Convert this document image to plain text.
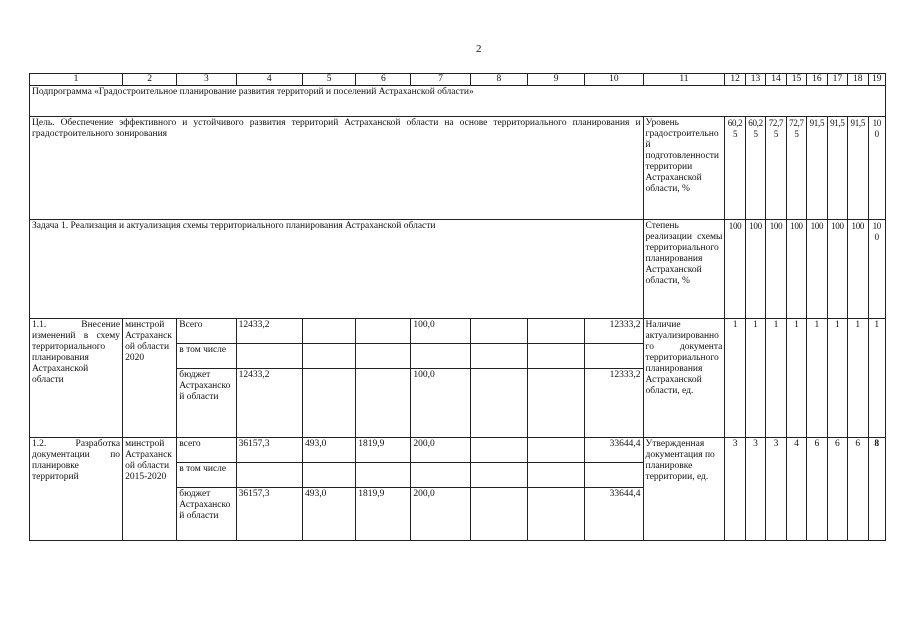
2
1	2	3	4	5	6	7	8	9	10	11	12	13	14	15	16	17	18	19
Подпрограмма «Градостроительное планирование развития территорий и поселений Астраханской области»																		
Цель. Обеспечение эффективного и устойчивого развития территорий Астраханской области на основе территориального планирования и градостроительного зонирования										Уровень градостроительной подготовленности территории Астраханской области, %	60,25	60,25	72,75	72,75	91,5	91,5	91,5	100
Задача 1. Реализация и актуализация схемы территориального планирования Астраханской области										Степень реализации схемы территориального планирования Астраханской области, %	100	100	100	100	100	100	100	100
1.1. Внесение изменений в схему территориального планирования Астраханской области	минстрой Астраханской области 2020	Всего	12433,2			100,0			12333,2	Наличие актуализированного документа территориального планирования Астраханской области, ед.	1	1	1	1	1	1	1	1
		в том числе																
		бюджет Астраханской области	12433,2			100,0			12333,2									
1.2. Разработка документации по планировке территорий	минстрой Астраханской области 2015-2020	всего	36157,3	493,0	1819,9	200,0			33644,4	Утвержденная документация по планировке территории, ед.	3	3	3	4	6	6	6	8
		в том числе																
		бюджет Астраханской области	36157,3	493,0	1819,9	200,0			33644,4									
